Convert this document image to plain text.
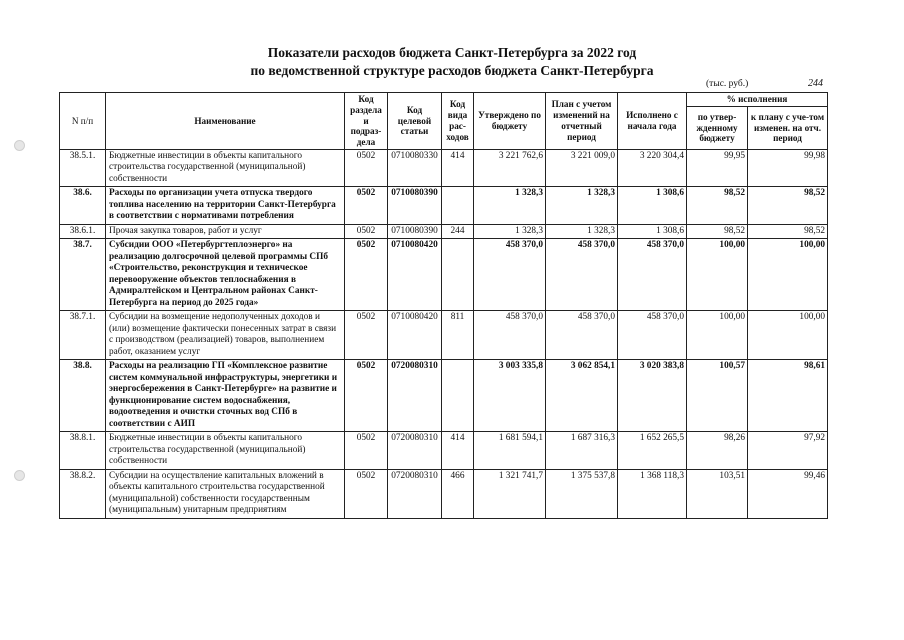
Показатели расходов бюджета Санкт-Петербурга за 2022 год
по ведомственной структуре расходов бюджета Санкт-Петербурга
(тыс. руб.)	244
N п/п	Наименование	Код раздела и подраз-дела	Код целевой статьи	Код вида рас-ходов	Утверждено по бюджету	План с учетом изменений на отчетный период	Исполнено с начала года	% исполнения	
								по утвер-жденному бюджету	к плану с уче-том изменен. на отч. период
38.5.1.	Бюджетные инвестиции в объекты капитального строительства государственной (муниципальной) собственности	0502	0710080330	414	3 221 762,6	3 221 009,0	3 220 304,4	99,95	99,98
38.6.	Расходы по организации учета отпуска твердого топлива населению на территории Санкт-Петербурга в соответствии с нормативами потребления	0502	0710080390		1 328,3	1 328,3	1 308,6	98,52	98,52
38.6.1.	Прочая закупка товаров, работ и услуг	0502	0710080390	244	1 328,3	1 328,3	1 308,6	98,52	98,52
38.7.	Субсидии ООО «Петербургтеплоэнерго» на реализацию долгосрочной целевой программы СПб «Строительство, реконструкция и техническое перевооружение объектов теплоснабжения в Адмиралтейском и Центральном районах Санкт-Петербурга на период до 2025 года»	0502	0710080420		458 370,0	458 370,0	458 370,0	100,00	100,00
38.7.1.	Субсидии на возмещение недополученных доходов и (или) возмещение фактически понесенных затрат в связи с производством (реализацией) товаров, выполнением работ, оказанием услуг	0502	0710080420	811	458 370,0	458 370,0	458 370,0	100,00	100,00
38.8.	Расходы на реализацию ГП «Комплексное развитие систем коммунальной инфраструктуры, энергетики и энергосбережения в Санкт-Петербурге» на развитие и функционирование систем водоснабжения, водоотведения и очистки сточных вод СПб в соответствии с АИП	0502	0720080310		3 003 335,8	3 062 854,1	3 020 383,8	100,57	98,61
38.8.1.	Бюджетные инвестиции в объекты капитального строительства государственной (муниципальной) собственности	0502	0720080310	414	1 681 594,1	1 687 316,3	1 652 265,5	98,26	97,92
38.8.2.	Субсидии на осуществление капитальных вложений в объекты капитального строительства государственной (муниципальной) собственности государственным (муниципальным) унитарным предприятиям	0502	0720080310	466	1 321 741,7	1 375 537,8	1 368 118,3	103,51	99,46
